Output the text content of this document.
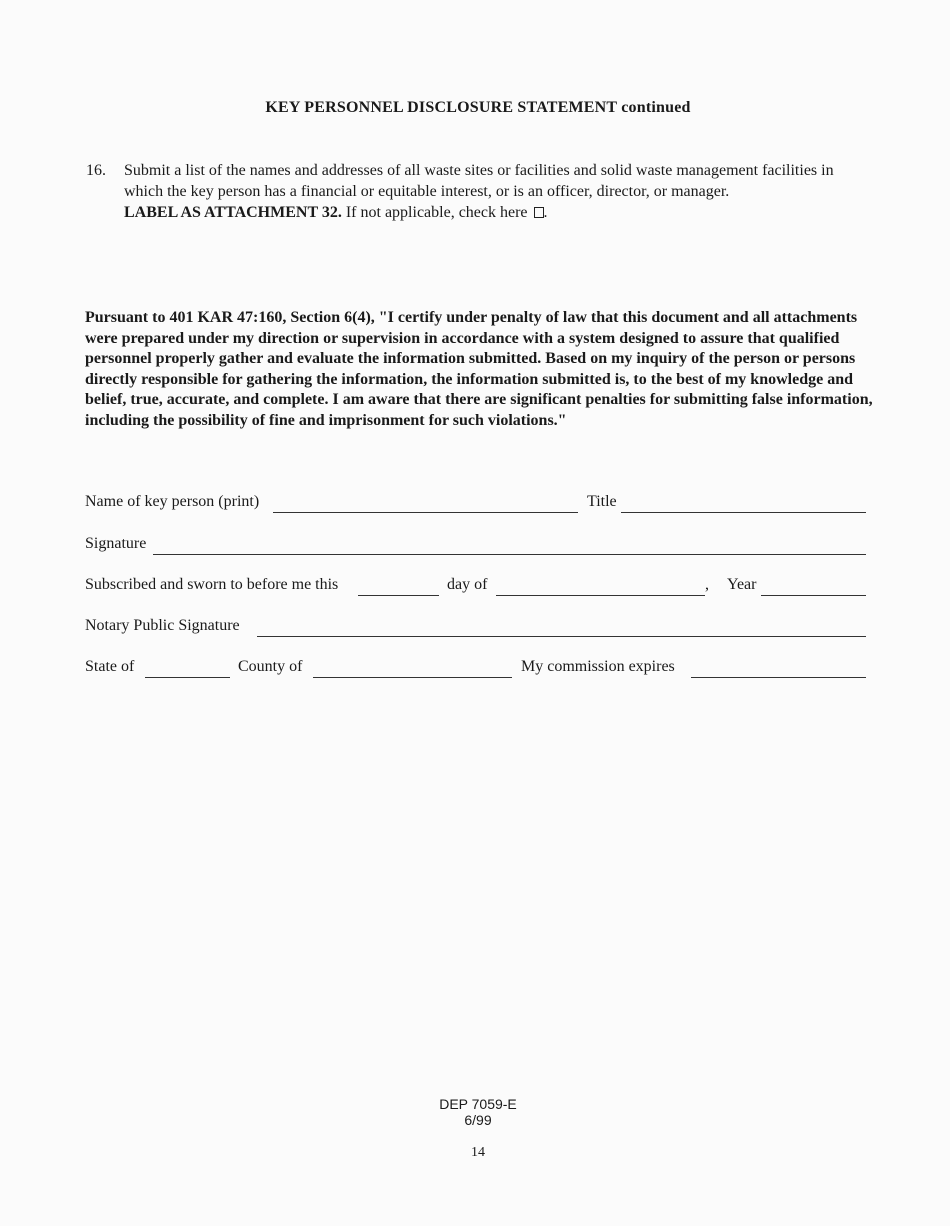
KEY PERSONNEL DISCLOSURE STATEMENT continued
16. Submit a list of the names and addresses of all waste sites or facilities and solid waste management facilities in which the key person has a financial or equitable interest, or is an officer, director, or manager.
LABEL AS ATTACHMENT 32. If not applicable, check here .
Pursuant to 401 KAR 47:160, Section 6(4), "I certify under penalty of law that this document and all attachments were prepared under my direction or supervision in accordance with a system designed to assure that qualified personnel properly gather and evaluate the information submitted. Based on my inquiry of the person or persons directly responsible for gathering the information, the information submitted is, to the best of my knowledge and belief, true, accurate, and complete. I am aware that there are significant penalties for submitting false information, including the possibility of fine and imprisonment for such violations."
Name of key person (print)	Title
Signature
Subscribed and sworn to before me this	day of	, Year
Notary Public Signature
State of	County of	My commission expires
DEP 7059-E
6/99
14
